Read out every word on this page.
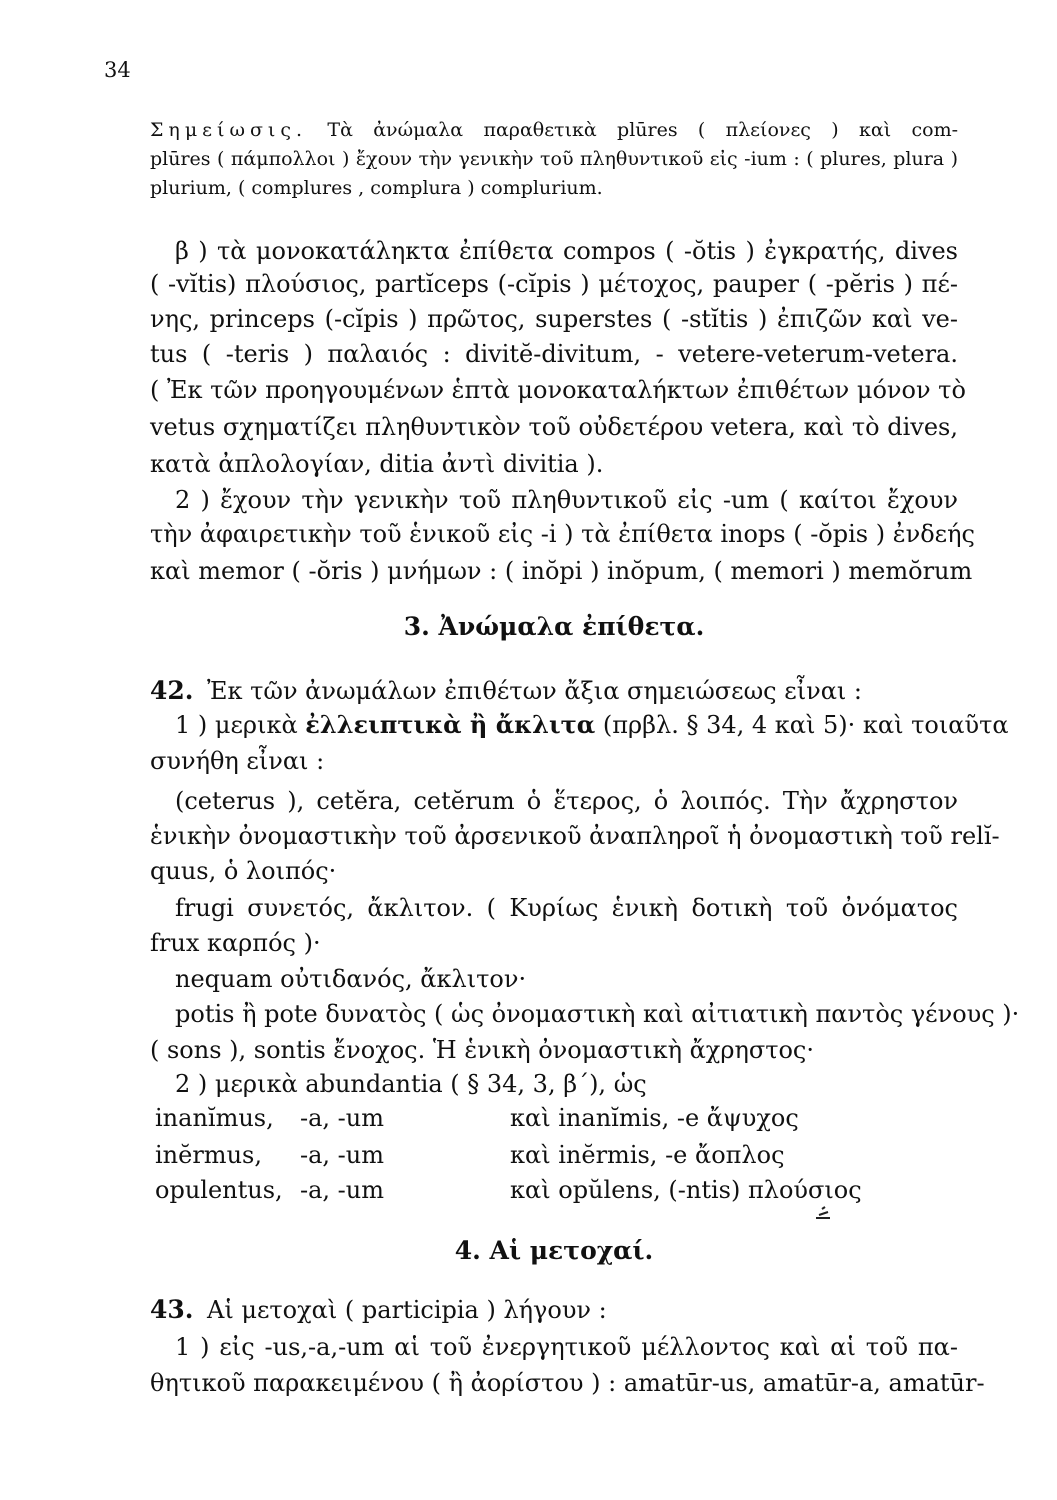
34
Σημείωσις. Τὰ ἀνώμαλα παραθετικὰ plūres ( πλείονες ) καὶ com-
plūres ( πάμπολλοι ) ἔχουν τὴν γενικὴν τοῦ πληθυντικοῦ εἰς -ium : ( plures, plura )
plurium, ( complures , complura ) complurium.
β ) τὰ μονοκατάληκτα ἐπίθετα compos ( -ŏtis ) ἐγκρατής, dives
( -vĭtis) πλούσιος, partĭceps (-cĭpis ) μέτοχος, pauper ( -pĕris ) πέ-
νης, princeps (-cĭpis ) πρῶτος, superstes ( -stĭtis ) ἐπιζῶν καὶ ve-
tus ( -teris ) παλαιός : divitĕ-divitum, - vetere-veterum-vetera.
( Ἐκ τῶν προηγουμένων ἑπτὰ μονοκαταλήκτων ἐπιθέτων μόνον τὸ
vetus σχηματίζει πληθυντικὸν τοῦ οὐδετέρου vetera, καὶ τὸ dives,
κατὰ ἀπλολογίαν, ditia ἀντὶ divitia ).
2 ) ἔχουν τὴν γενικὴν τοῦ πληθυντικοῦ εἰς -um ( καίτοι ἔχουν
τὴν ἀφαιρετικὴν τοῦ ἑνικοῦ εἰς -i ) τὰ ἐπίθετα inops ( -ŏpis ) ἐνδεής
καὶ memor ( -ŏris ) μνήμων : ( inŏpi ) inŏpum, ( memori ) memŏrum
3. Ἀνώμαλα ἐπίθετα.
42. Ἐκ τῶν ἀνωμάλων ἐπιθέτων ἄξια σημειώσεως εἶναι :
1 ) μερικὰ ἐλλειπτικὰ ἢ ἄκλιτα (πρβλ. § 34, 4 καὶ 5)· καὶ τοιαῦτα
συνήθη εἶναι :
(ceterus ), cetĕra, cetĕrum ὁ ἕτερος, ὁ λοιπός. Τὴν ἄχρηστον
ἑνικὴν ὀνομαστικὴν τοῦ ἀρσενικοῦ ἀναπληροῖ ἡ ὀνομαστικὴ τοῦ relĭ-
quus, ὁ λοιπός·
frugi συνετός, ἄκλιτον. ( Κυρίως ἑνικὴ δοτικὴ τοῦ ὀνόματος
frux καρπός )·
nequam οὐτιδανός, ἄκλιτον·
potis ἢ pote δυνατὸς ( ὡς ὀνομαστικὴ καὶ αἰτιατικὴ παντὸς γένους )·
( sons ), sontis ἔνοχος. Ἡ ἑνικὴ ὀνομαστικὴ ἄχρηστος·
2 ) μερικὰ abundantia ( § 34, 3, β΄), ὡς
inanĭmus, -a, -um	καὶ inanĭmis, -e ἄψυχος
inĕrmus, -a, -um	καὶ inĕrmis, -e ἄοπλος
opulentus, -a, -um	καὶ opŭlens, (-ntis) πλούσιος
4. Αἱ μετοχαί.
43. Αἱ μετοχαὶ ( participia ) λήγουν :
1 ) εἰς -us,-a,-um αἱ τοῦ ἐνεργητικοῦ μέλλοντος καὶ αἱ τοῦ πα-
θητικοῦ παρακειμένου ( ἢ ἀορίστου ) : amatūr-us, amatūr-a, amatūr-
